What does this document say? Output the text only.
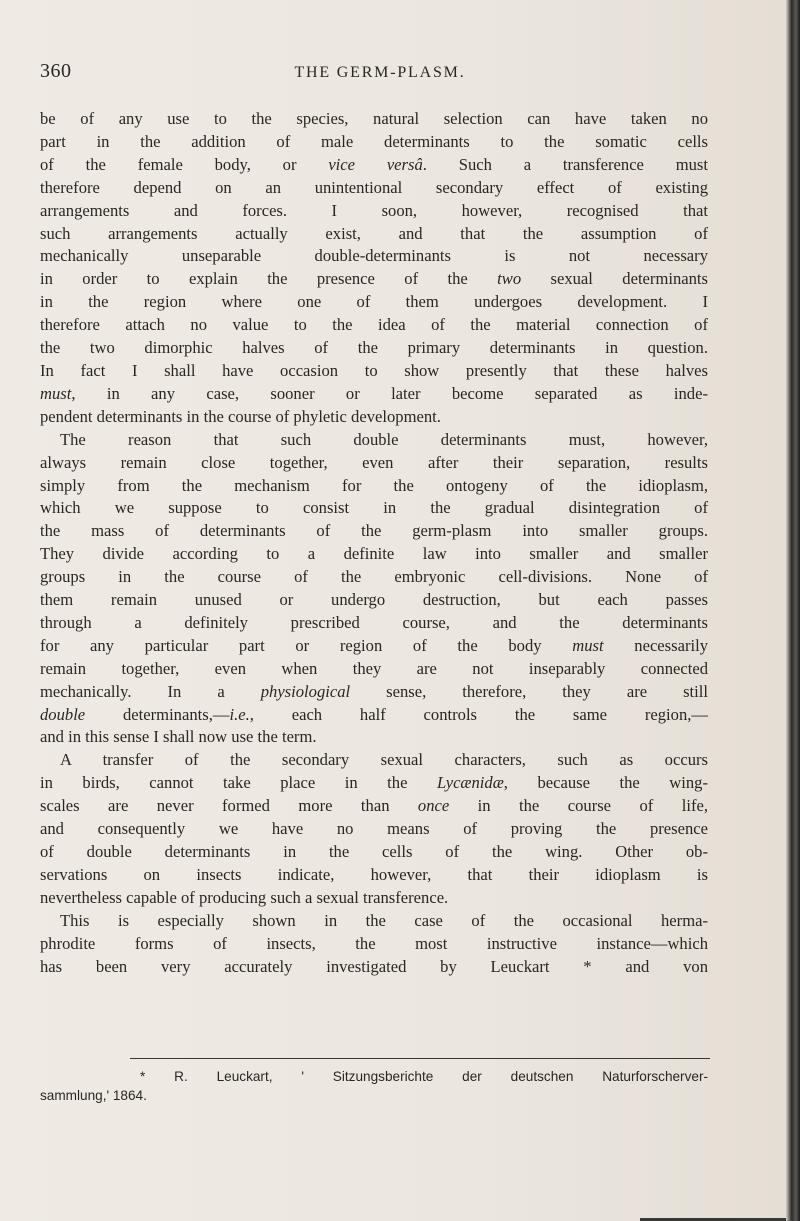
360	THE GERM-PLASM.
be of any use to the species, natural selection can have taken no
part in the addition of male determinants to the somatic cells
of the female body, or vice versâ. Such a transference must
therefore depend on an unintentional secondary effect of existing
arrangements and forces. I soon, however, recognised that
such arrangements actually exist, and that the assumption of
mechanically unseparable double-determinants is not necessary
in order to explain the presence of the two sexual determinants
in the region where one of them undergoes development. I
therefore attach no value to the idea of the material connection of
the two dimorphic halves of the primary determinants in question.
In fact I shall have occasion to show presently that these halves
must, in any case, sooner or later become separated as inde-
pendent determinants in the course of phyletic development.
The reason that such double determinants must, however,
always remain close together, even after their separation, results
simply from the mechanism for the ontogeny of the idioplasm,
which we suppose to consist in the gradual disintegration of
the mass of determinants of the germ-plasm into smaller groups.
They divide according to a definite law into smaller and smaller
groups in the course of the embryonic cell-divisions. None of
them remain unused or undergo destruction, but each passes
through a definitely prescribed course, and the determinants
for any particular part or region of the body must necessarily
remain together, even when they are not inseparably connected
mechanically. In a physiological sense, therefore, they are still
double determinants,—i.e., each half controls the same region,—
and in this sense I shall now use the term.
A transfer of the secondary sexual characters, such as occurs
in birds, cannot take place in the Lycænidæ, because the wing-
scales are never formed more than once in the course of life,
and consequently we have no means of proving the presence
of double determinants in the cells of the wing. Other ob-
servations on insects indicate, however, that their idioplasm is
nevertheless capable of producing such a sexual transference.
This is especially shown in the case of the occasional herma-
phrodite forms of insects, the most instructive instance—which
has been very accurately investigated by Leuckart * and von
* R. Leuckart, ' Sitzungsberichte der deutschen Naturforscherver-
sammlung,' 1864.
